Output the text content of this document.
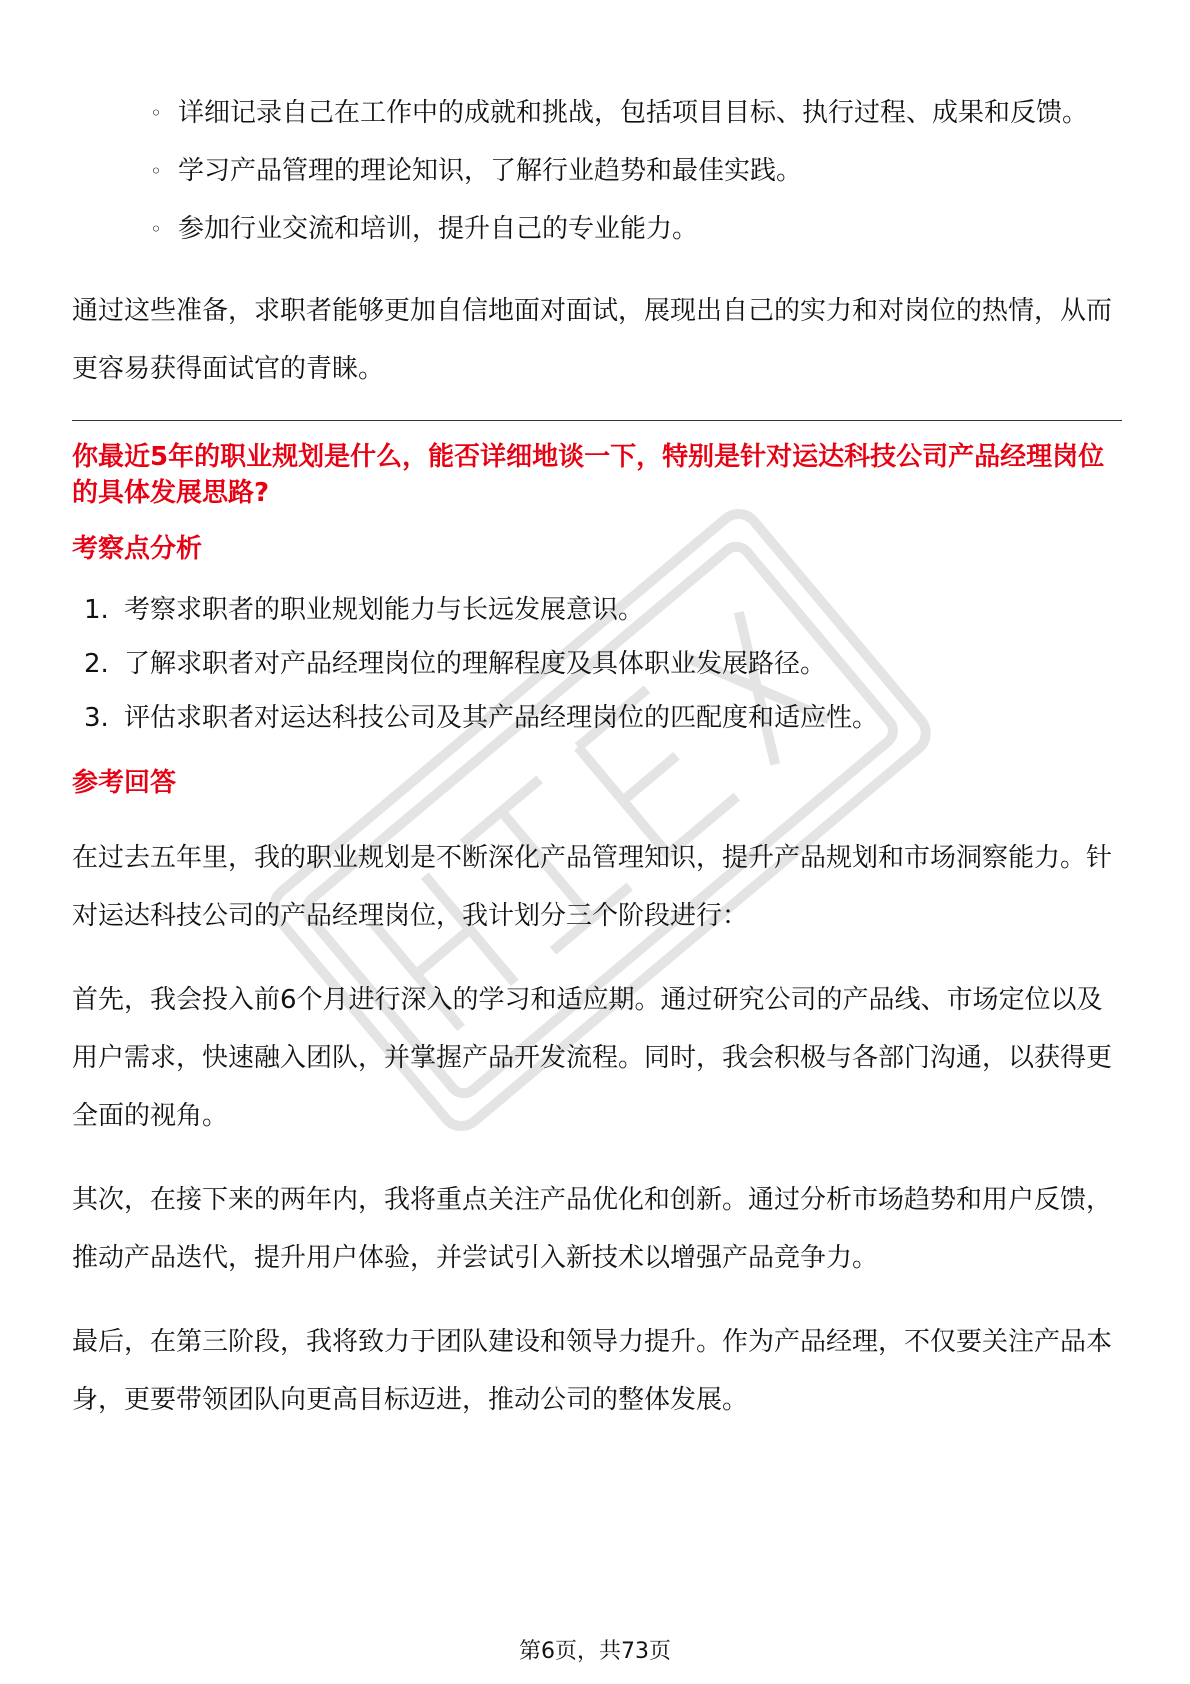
◦ 详细记录自己在工作中的成就和挑战，包括项目目标、执行过程、成果和反馈。
◦ 学习产品管理的理论知识，了解行业趋势和最佳实践。
◦ 参加行业交流和培训，提升自己的专业能力。

通过这些准备，求职者能够更加自信地面对面试，展现出自己的实力和对岗位的热情，从而更容易获得面试官的青睐。

你最近5年的职业规划是什么，能否详细地谈一下，特别是针对运达科技公司产品经理岗位的具体发展思路?

考察点分析

1. 考察求职者的职业规划能力与长远发展意识。
2. 了解求职者对产品经理岗位的理解程度及具体职业发展路径。
3. 评估求职者对运达科技公司及其产品经理岗位的匹配度和适应性。

参考回答

在过去五年里，我的职业规划是不断深化产品管理知识，提升产品规划和市场洞察能力。针对运达科技公司的产品经理岗位，我计划分三个阶段进行：

首先，我会投入前6个月进行深入的学习和适应期。通过研究公司的产品线、市场定位以及用户需求，快速融入团队，并掌握产品开发流程。同时，我会积极与各部门沟通，以获得更全面的视角。

其次，在接下来的两年内，我将重点关注产品优化和创新。通过分析市场趋势和用户反馈，推动产品迭代，提升用户体验，并尝试引入新技术以增强产品竞争力。

最后，在第三阶段，我将致力于团队建设和领导力提升。作为产品经理，不仅要关注产品本身，更要带领团队向更高目标迈进，推动公司的整体发展。

第6页，共73页
